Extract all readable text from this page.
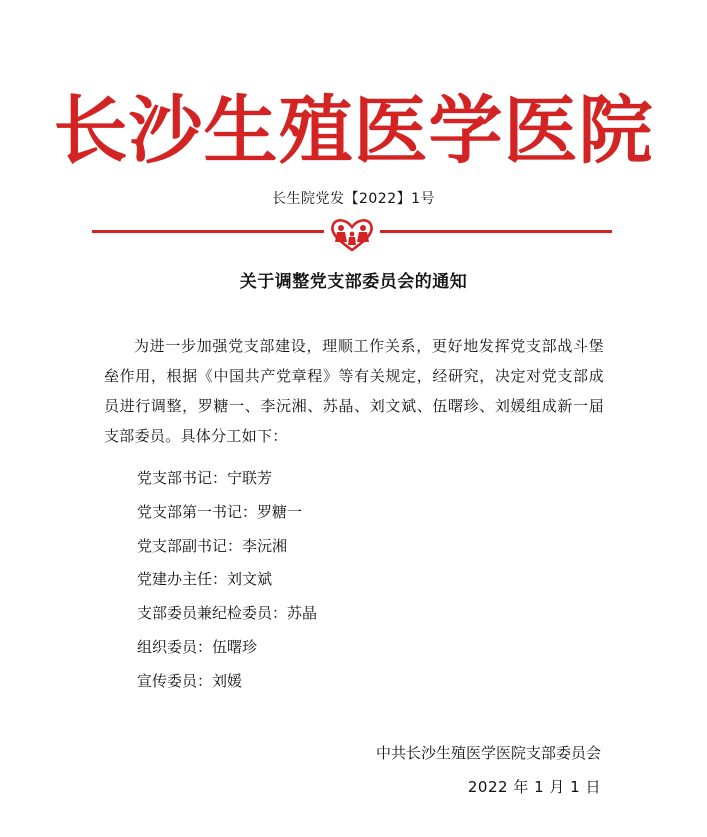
长沙生殖医学医院
长生院党发【2022】1号
关于调整党支部委员会的通知

为进一步加强党支部建设，理顺工作关系，更好地发挥党支部战斗堡垒作用，根据《中国共产党章程》等有关规定，经研究，决定对党支部成员进行调整，罗糖一、李沅湘、苏晶、刘文斌、伍曙珍、刘媛组成新一届支部委员。具体分工如下：

党支部书记：宁联芳
党支部第一书记：罗糖一
党支部副书记：李沅湘
党建办主任：刘文斌
支部委员兼纪检委员：苏晶
组织委员：伍曙珍
宣传委员：刘媛
中共长沙生殖医学医院支部委员会
2022 年 1 月 1 日
